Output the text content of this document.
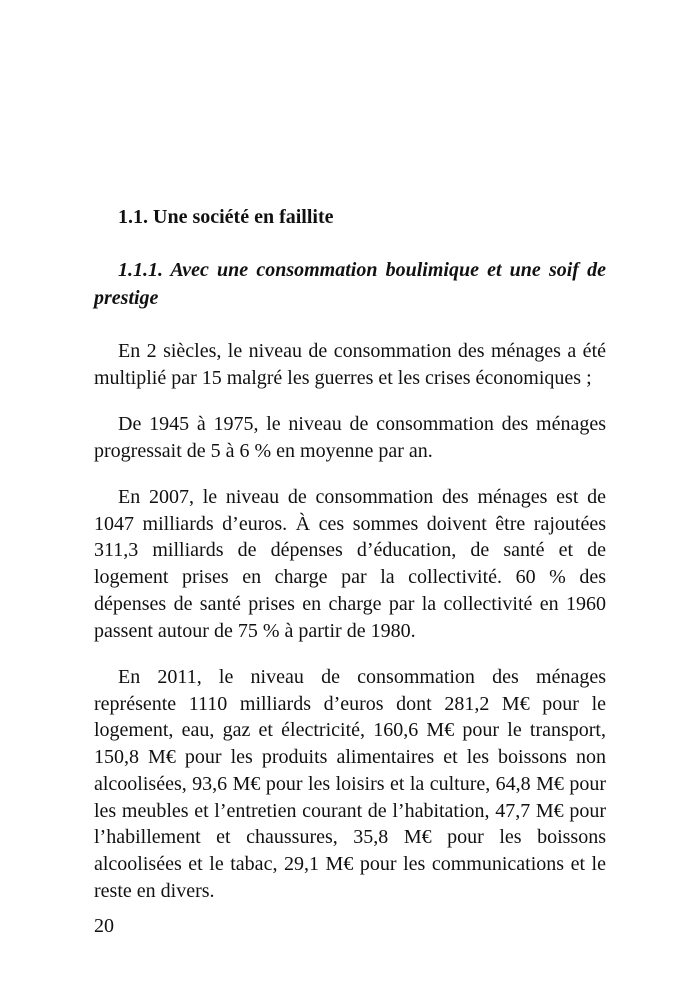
1.1. Une société en faillite
1.1.1. Avec une consommation boulimique et une soif de prestige

En 2 siècles, le niveau de consommation des ménages a été multiplié par 15 malgré les guerres et les crises économiques ;

De 1945 à 1975, le niveau de consommation des ménages progressait de 5 à 6 % en moyenne par an.

En 2007, le niveau de consommation des ménages est de 1047 milliards d’euros. À ces sommes doivent être rajoutées 311,3 milliards de dépenses d’éducation, de santé et de logement prises en charge par la collectivité. 60 % des dépenses de santé prises en charge par la collectivité en 1960 passent autour de 75 % à partir de 1980.

En 2011, le niveau de consommation des ménages représente 1110 milliards d’euros dont 281,2 M€ pour le logement, eau, gaz et électricité, 160,6 M€ pour le transport, 150,8 M€ pour les produits alimentaires et les boissons non alcoolisées, 93,6 M€ pour les loisirs et la culture, 64,8 M€ pour les meubles et l’entretien courant de l’habitation, 47,7 M€ pour l’habillement et chaussures, 35,8 M€ pour les boissons alcoolisées et le tabac, 29,1 M€ pour les communications et le reste en divers.

20
